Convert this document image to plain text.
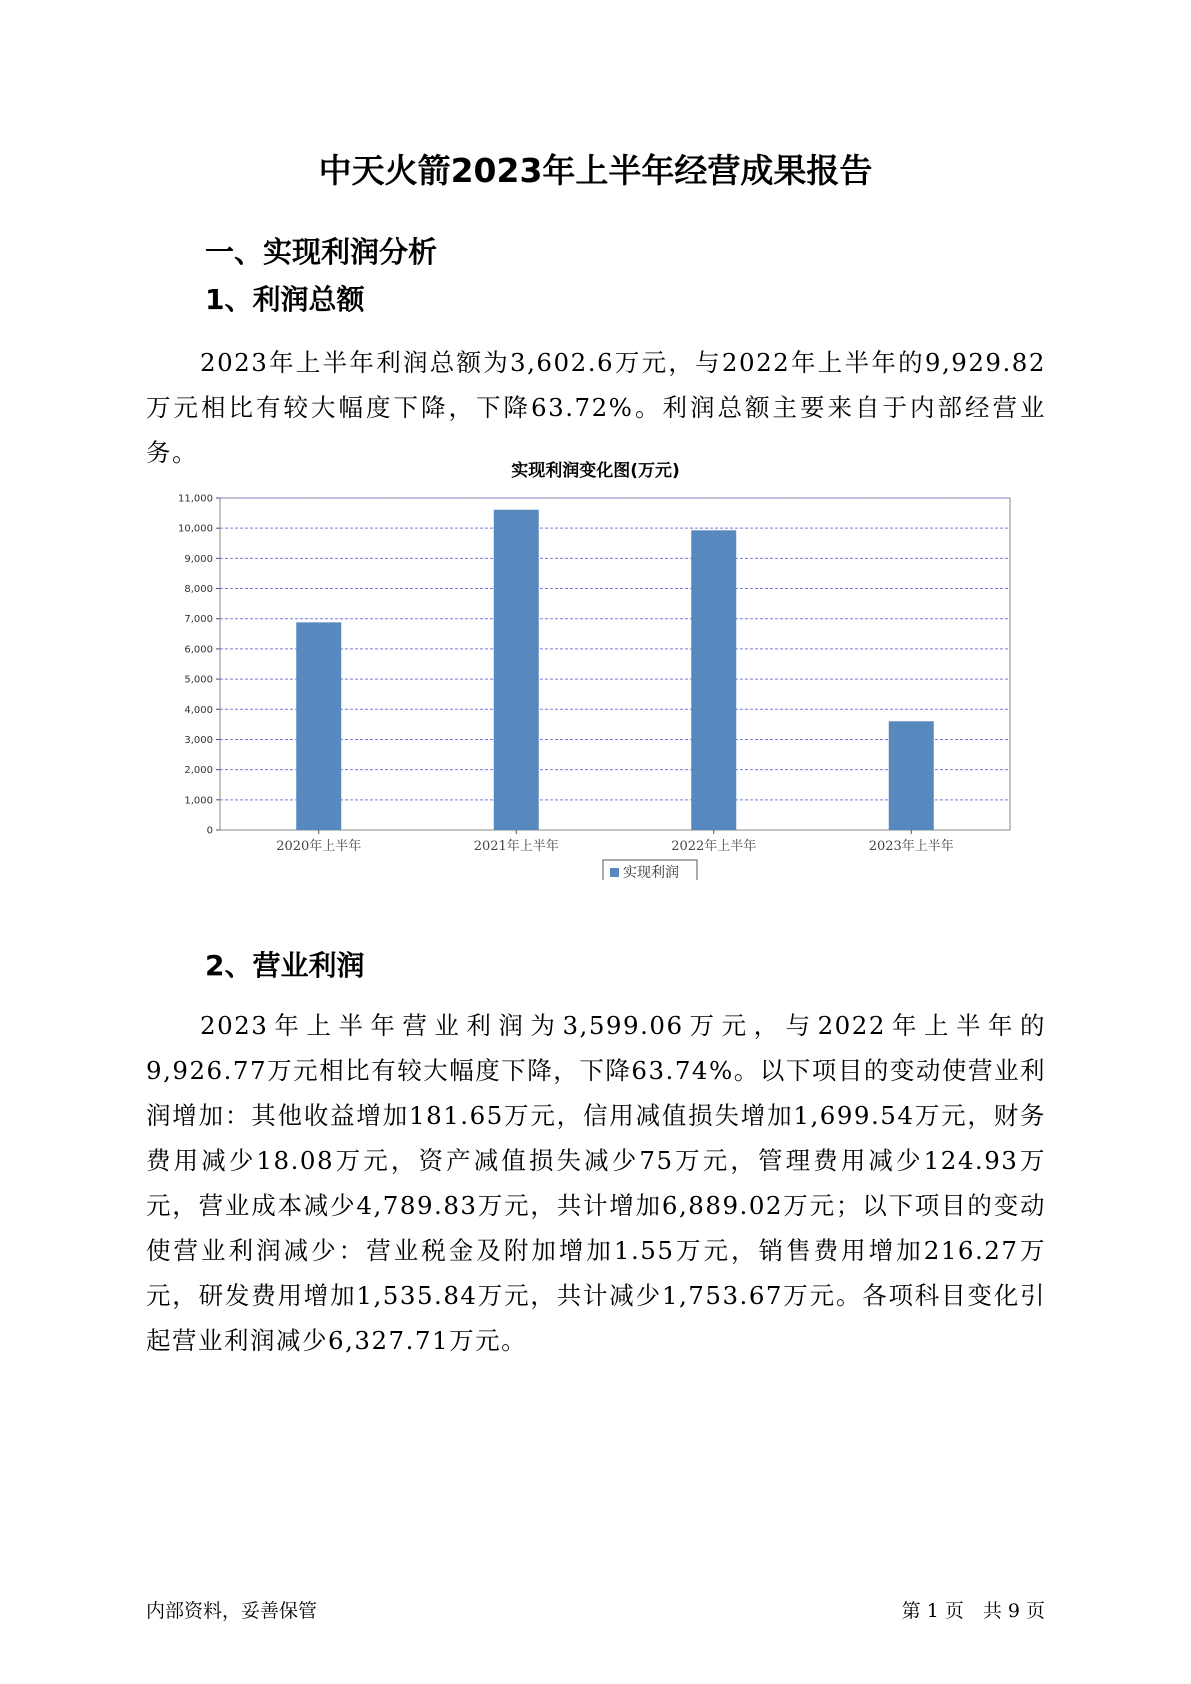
中天火箭2023年上半年经营成果报告
一、实现利润分析
1、利润总额

2023年上半年利润总额为3,602.6万元，与2022年上半年的9,929.82万元相比有较大幅度下降，下降63.72%。利润总额主要来自于内部经营业务。

实现利润变化图(万元)
0
1,000
2,000
3,000
4,000
5,000
6,000
7,000
8,000
9,000
10,000
11,000
2020年上半年	2021年上半年	2022年上半年	2023年上半年
实现利润
2、营业利润

2023年上半年营业利润为3,599.06万元，与2022年上半年的9,926.77万元相比有较大幅度下降，下降63.74%。以下项目的变动使营业利润增加：其他收益增加181.65万元，信用减值损失增加1,699.54万元，财务费用减少18.08万元，资产减值损失减少75万元，管理费用减少124.93万元，营业成本减少4,789.83万元，共计增加6,889.02万元；以下项目的变动使营业利润减少：营业税金及附加增加1.55万元，销售费用增加216.27万元，研发费用增加1,535.84万元，共计减少1,753.67万元。各项科目变化引起营业利润减少6,327.71万元。

内部资料，妥善保管	第 1 页　共 9 页
